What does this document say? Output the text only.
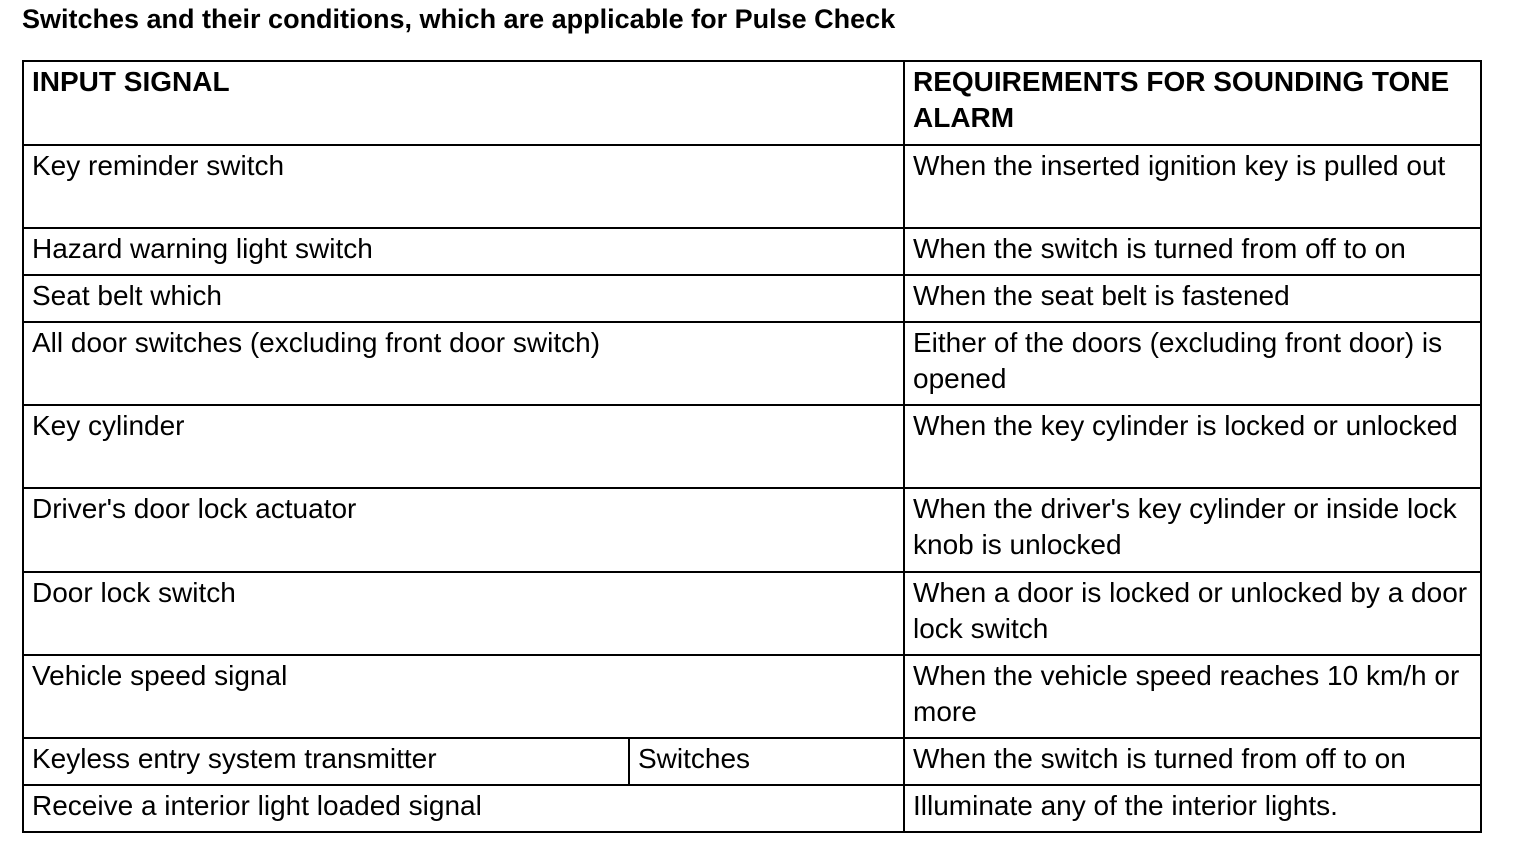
Switches and their conditions, which are applicable for Pulse Check
INPUT SIGNAL		REQUIREMENTS FOR SOUNDING TONE ALARM
Key reminder switch		When the inserted ignition key is pulled out
Hazard warning light switch		When the switch is turned from off to on
Seat belt which		When the seat belt is fastened
All door switches (excluding front door switch)		Either of the doors (excluding front door) is opened
Key cylinder		When the key cylinder is locked or unlocked
Driver's door lock actuator		When the driver's key cylinder or inside lock knob is unlocked
Door lock switch		When a door is locked or unlocked by a door lock switch
Vehicle speed signal		When the vehicle speed reaches 10 km/h or more
Keyless entry system transmitter	Switches	When the switch is turned from off to on
Receive a interior light loaded signal		Illuminate any of the interior lights.
